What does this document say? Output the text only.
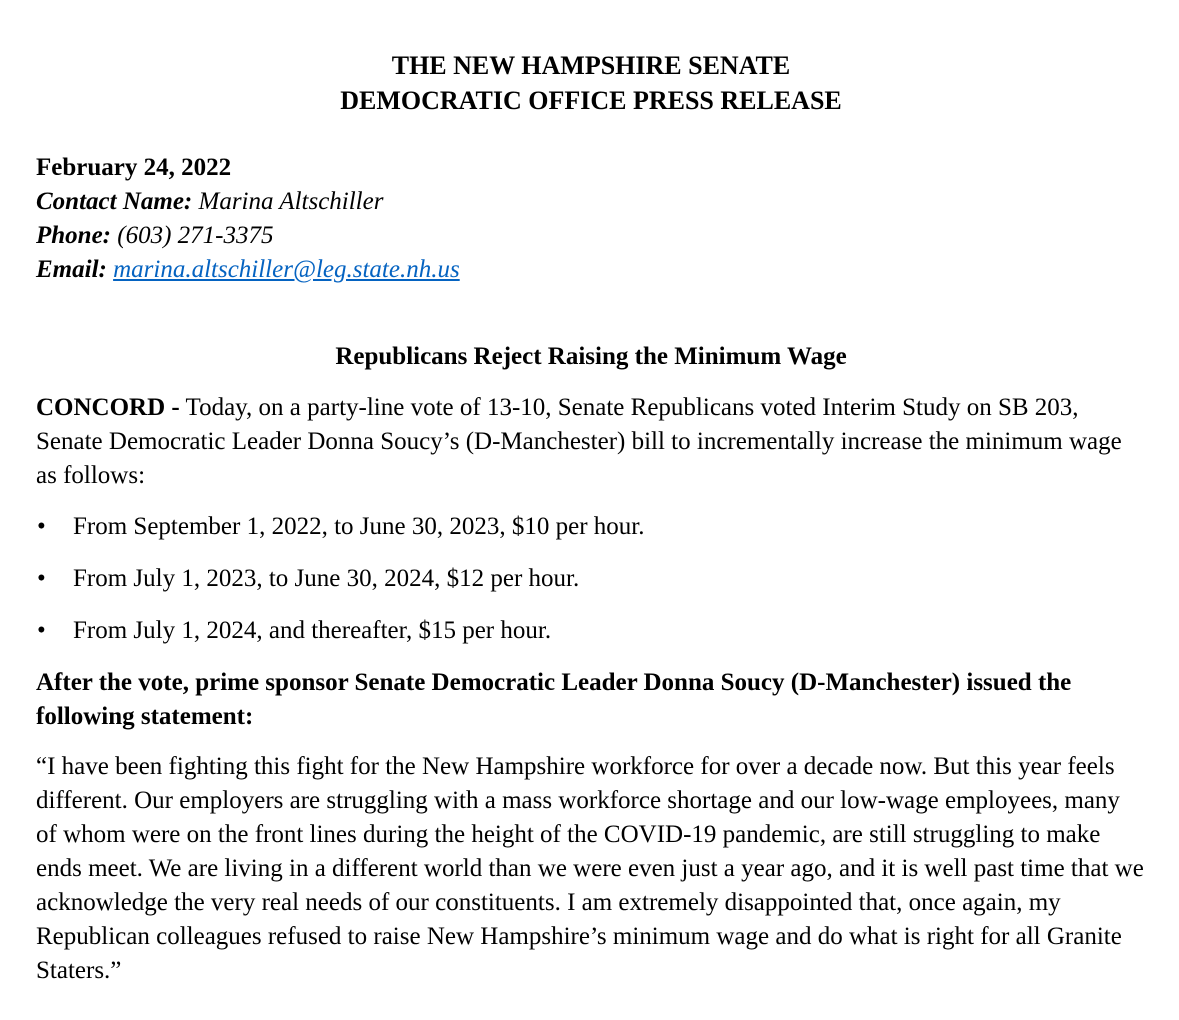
THE NEW HAMPSHIRE SENATE
DEMOCRATIC OFFICE PRESS RELEASE
February 24, 2022
Contact Name: Marina Altschiller
Phone: (603) 271-3375
Email: marina.altschiller@leg.state.nh.us
Republicans Reject Raising the Minimum Wage

CONCORD - Today, on a party-line vote of 13-10, Senate Republicans voted Interim Study on SB 203, Senate Democratic Leader Donna Soucy’s (D-Manchester) bill to incrementally increase the minimum wage as follows:

• From September 1, 2022, to June 30, 2023, $10 per hour.
• From July 1, 2023, to June 30, 2024, $12 per hour.
• From July 1, 2024, and thereafter, $15 per hour.

After the vote, prime sponsor Senate Democratic Leader Donna Soucy (D-Manchester) issued the following statement:

“I have been fighting this fight for the New Hampshire workforce for over a decade now. But this year feels different. Our employers are struggling with a mass workforce shortage and our low-wage employees, many of whom were on the front lines during the height of the COVID-19 pandemic, are still struggling to make ends meet. We are living in a different world than we were even just a year ago, and it is well past time that we acknowledge the very real needs of our constituents. I am extremely disappointed that, once again, my Republican colleagues refused to raise New Hampshire’s minimum wage and do what is right for all Granite Staters.”
